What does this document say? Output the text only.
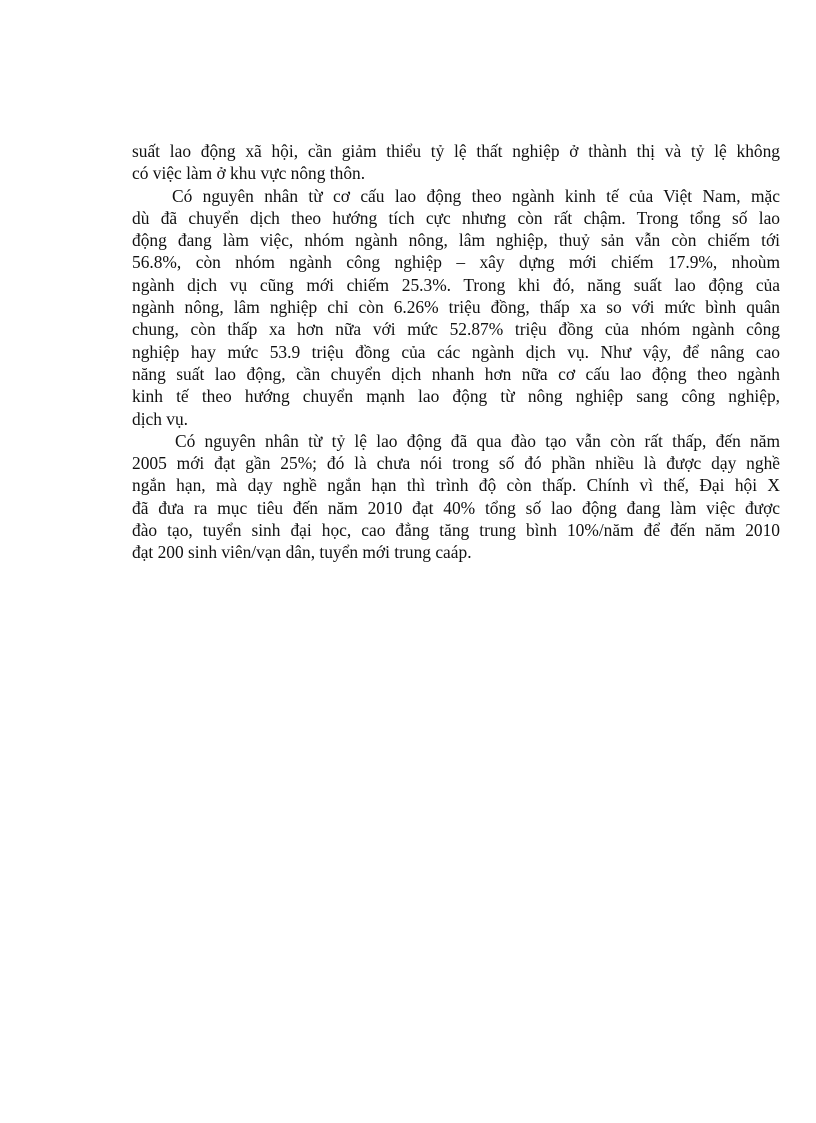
suất lao động xã hội, cần giảm thiểu tỷ lệ thất nghiệp ở thành thị và tỷ lệ không
có việc làm ở khu vực nông thôn.
Có nguyên nhân từ cơ cấu lao động theo ngành kinh tế của Việt Nam, mặc
dù đã chuyển dịch theo hướng tích cực nhưng còn rất chậm. Trong tổng số lao
động đang làm việc, nhóm ngành nông, lâm nghiệp, thuỷ sản vẫn còn chiếm tới
56.8%, còn nhóm ngành công nghiệp – xây dựng mới chiếm 17.9%, nhoùm
ngành dịch vụ cũng mới chiếm 25.3%. Trong khi đó, năng suất lao động của
ngành nông, lâm nghiệp chỉ còn 6.26% triệu đồng, thấp xa so với mức bình quân
chung, còn thấp xa hơn nữa với mức 52.87% triệu đồng của nhóm ngành công
nghiệp hay mức 53.9 triệu đồng của các ngành dịch vụ. Như vậy, để nâng cao
năng suất lao động, cần chuyển dịch nhanh hơn nữa cơ cấu lao động theo ngành
kinh tế theo hướng chuyển mạnh lao động từ nông nghiệp sang công nghiệp,
dịch vụ.
Có nguyên nhân từ tỷ lệ lao động đã qua đào tạo vẫn còn rất thấp, đến năm
2005 mới đạt gần 25%; đó là chưa nói trong số đó phần nhiều là được dạy nghề
ngắn hạn, mà dạy nghề ngắn hạn thì trình độ còn thấp. Chính vì thế, Đại hội X
đã đưa ra mục tiêu đến năm 2010 đạt 40% tổng số lao động đang làm việc được
đào tạo, tuyển sinh đại học, cao đẳng tăng trung bình 10%/năm để đến năm 2010
đạt 200 sinh viên/vạn dân, tuyển mới trung caáp.
